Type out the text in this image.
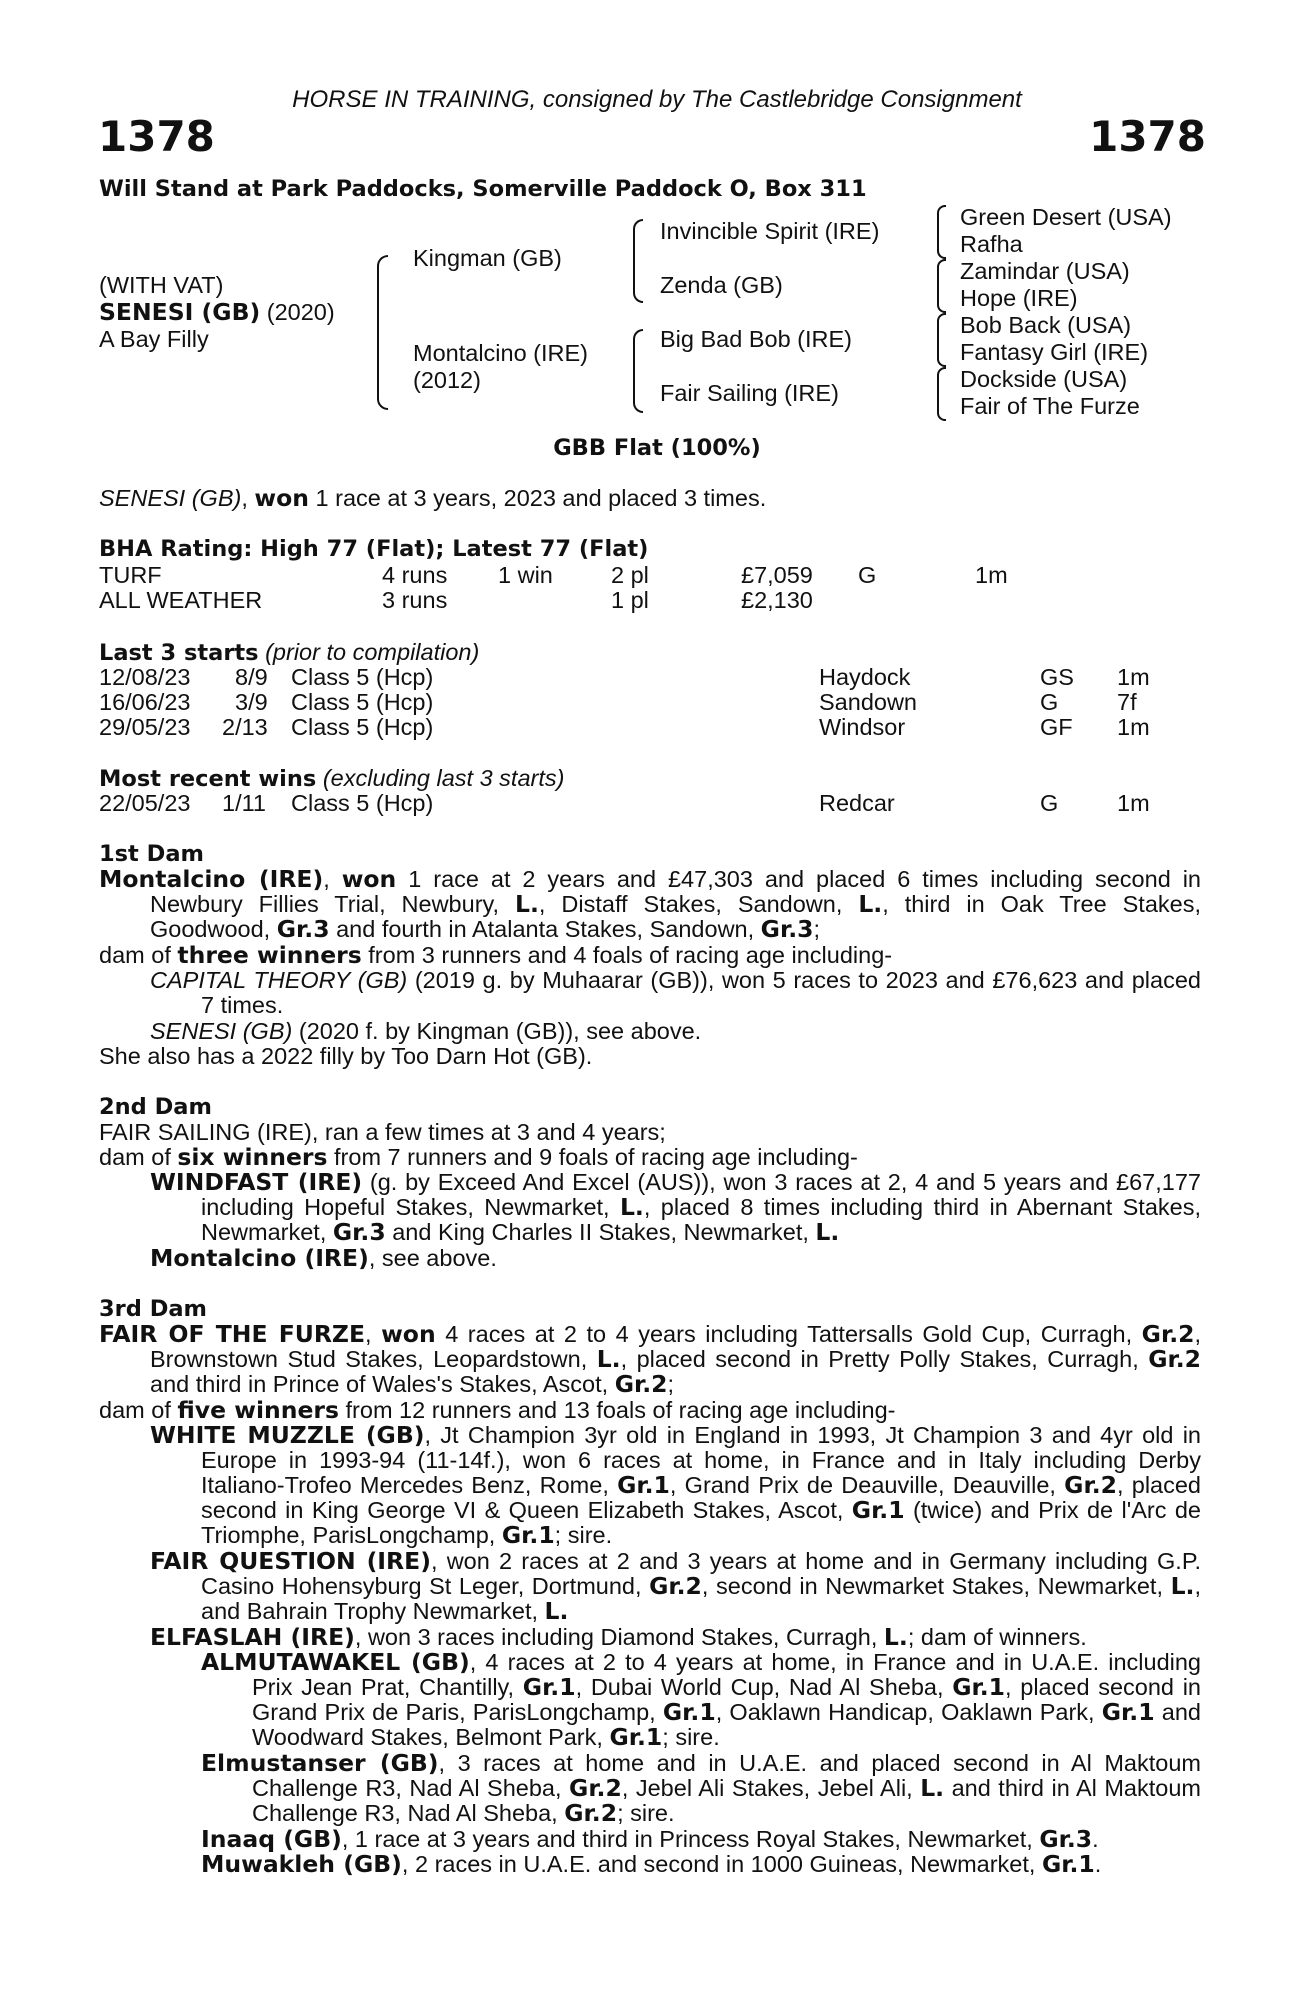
HORSE IN TRAINING, consigned by The Castlebridge Consignment
1378	1378
Will Stand at Park Paddocks, Somerville Paddock O, Box 311
(WITH VAT)
SENESI (GB) (2020)
A Bay Filly
Kingman (GB)
Montalcino (IRE)
(2012)
Invincible Spirit (IRE)
Zenda (GB)
Big Bad Bob (IRE)
Fair Sailing (IRE)
Green Desert (USA)
Rafha
Zamindar (USA)
Hope (IRE)
Bob Back (USA)
Fantasy Girl (IRE)
Dockside (USA)
Fair of The Furze
GBB Flat (100%)
SENESI (GB), won 1 race at 3 years, 2023 and placed 3 times.
BHA Rating: High 77 (Flat); Latest 77 (Flat)
TURF	4 runs 1 win 2 pl	£7,059 G	1m
ALL WEATHER	3 runs	1 pl	£2,130
Last 3 starts (prior to compilation)
12/08/23 8/9 Class 5 (Hcp)	Haydock	GS 1m
16/06/23 3/9 Class 5 (Hcp)	Sandown	G 7f
29/05/23 2/13 Class 5 (Hcp)	Windsor	GF 1m
Most recent wins (excluding last 3 starts)
22/05/23 1/11 Class 5 (Hcp)	Redcar	G 1m
1st Dam
Montalcino (IRE), won 1 race at 2 years and £47,303 and placed 6 times including second in Newbury Fillies Trial, Newbury, L., Distaff Stakes, Sandown, L., third in Oak Tree Stakes, Goodwood, Gr.3 and fourth in Atalanta Stakes, Sandown, Gr.3;
dam of three winners from 3 runners and 4 foals of racing age including-
CAPITAL THEORY (GB) (2019 g. by Muhaarar (GB)), won 5 races to 2023 and £76,623 and placed 7 times.
SENESI (GB) (2020 f. by Kingman (GB)), see above.
She also has a 2022 filly by Too Darn Hot (GB).
2nd Dam
FAIR SAILING (IRE), ran a few times at 3 and 4 years;
dam of six winners from 7 runners and 9 foals of racing age including-
WINDFAST (IRE) (g. by Exceed And Excel (AUS)), won 3 races at 2, 4 and 5 years and £67,177 including Hopeful Stakes, Newmarket, L., placed 8 times including third in Abernant Stakes, Newmarket, Gr.3 and King Charles II Stakes, Newmarket, L.
Montalcino (IRE), see above.
3rd Dam
FAIR OF THE FURZE, won 4 races at 2 to 4 years including Tattersalls Gold Cup, Curragh, Gr.2, Brownstown Stud Stakes, Leopardstown, L., placed second in Pretty Polly Stakes, Curragh, Gr.2 and third in Prince of Wales's Stakes, Ascot, Gr.2;
dam of five winners from 12 runners and 13 foals of racing age including-
WHITE MUZZLE (GB), Jt Champion 3yr old in England in 1993, Jt Champion 3 and 4yr old in Europe in 1993-94 (11-14f.), won 6 races at home, in France and in Italy including Derby Italiano-Trofeo Mercedes Benz, Rome, Gr.1, Grand Prix de Deauville, Deauville, Gr.2, placed second in King George VI & Queen Elizabeth Stakes, Ascot, Gr.1 (twice) and Prix de l'Arc de Triomphe, ParisLongchamp, Gr.1; sire.
FAIR QUESTION (IRE), won 2 races at 2 and 3 years at home and in Germany including G.P. Casino Hohensyburg St Leger, Dortmund, Gr.2, second in Newmarket Stakes, Newmarket, L., and Bahrain Trophy Newmarket, L.
ELFASLAH (IRE), won 3 races including Diamond Stakes, Curragh, L.; dam of winners.
ALMUTAWAKEL (GB), 4 races at 2 to 4 years at home, in France and in U.A.E. including Prix Jean Prat, Chantilly, Gr.1, Dubai World Cup, Nad Al Sheba, Gr.1, placed second in Grand Prix de Paris, ParisLongchamp, Gr.1, Oaklawn Handicap, Oaklawn Park, Gr.1 and Woodward Stakes, Belmont Park, Gr.1; sire.
Elmustanser (GB), 3 races at home and in U.A.E. and placed second in Al Maktoum Challenge R3, Nad Al Sheba, Gr.2, Jebel Ali Stakes, Jebel Ali, L. and third in Al Maktoum Challenge R3, Nad Al Sheba, Gr.2; sire.
Inaaq (GB), 1 race at 3 years and third in Princess Royal Stakes, Newmarket, Gr.3.
Muwakleh (GB), 2 races in U.A.E. and second in 1000 Guineas, Newmarket, Gr.1.
